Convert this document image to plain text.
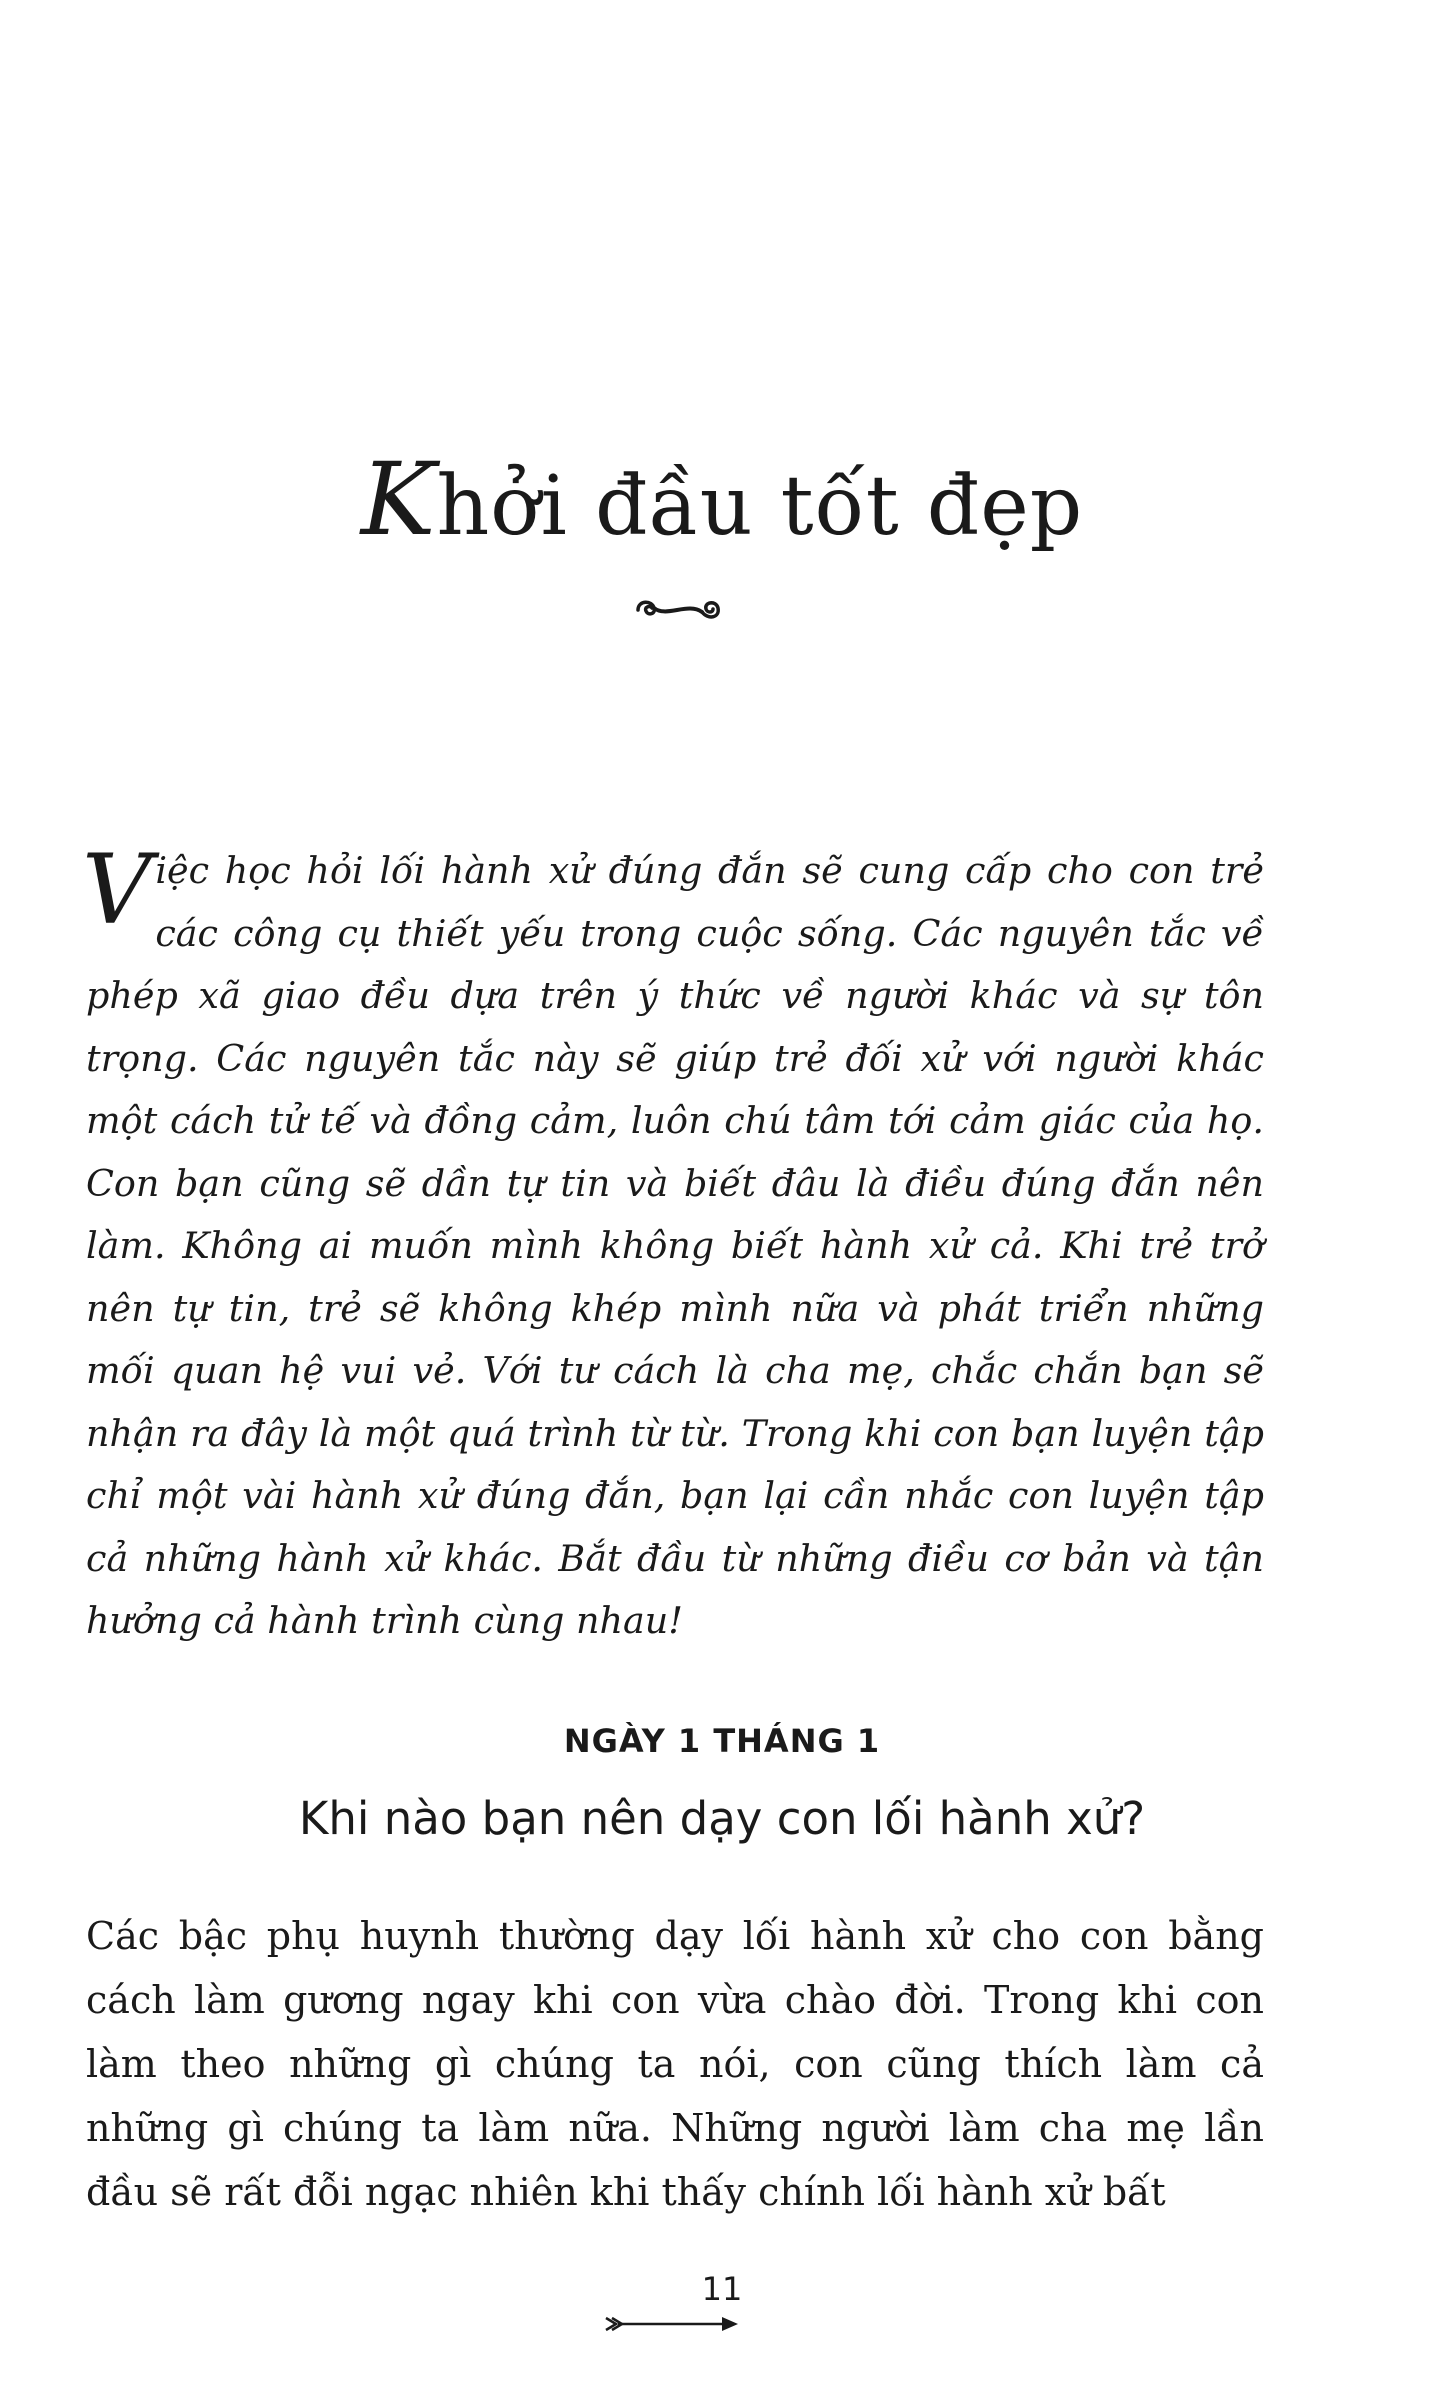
Khởi đầu tốt đẹp

Việc học hỏi lối hành xử đúng đắn sẽ cung cấp cho con trẻ các công cụ thiết yếu trong cuộc sống. Các nguyên tắc về phép xã giao đều dựa trên ý thức về người khác và sự tôn trọng. Các nguyên tắc này sẽ giúp trẻ đối xử với người khác một cách tử tế và đồng cảm, luôn chú tâm tới cảm giác của họ. Con bạn cũng sẽ dần tự tin và biết đâu là điều đúng đắn nên làm. Không ai muốn mình không biết hành xử cả. Khi trẻ trở nên tự tin, trẻ sẽ không khép mình nữa và phát triển những mối quan hệ vui vẻ. Với tư cách là cha mẹ, chắc chắn bạn sẽ nhận ra đây là một quá trình từ từ. Trong khi con bạn luyện tập chỉ một vài hành xử đúng đắn, bạn lại cần nhắc con luyện tập cả những hành xử khác. Bắt đầu từ những điều cơ bản và tận hưởng cả hành trình cùng nhau!

NGÀY 1 THÁNG 1
Khi nào bạn nên dạy con lối hành xử?

Các bậc phụ huynh thường dạy lối hành xử cho con bằng cách làm gương ngay khi con vừa chào đời. Trong khi con làm theo những gì chúng ta nói, con cũng thích làm cả những gì chúng ta làm nữa. Những người làm cha mẹ lần đầu sẽ rất đỗi ngạc nhiên khi thấy chính lối hành xử bất

11
